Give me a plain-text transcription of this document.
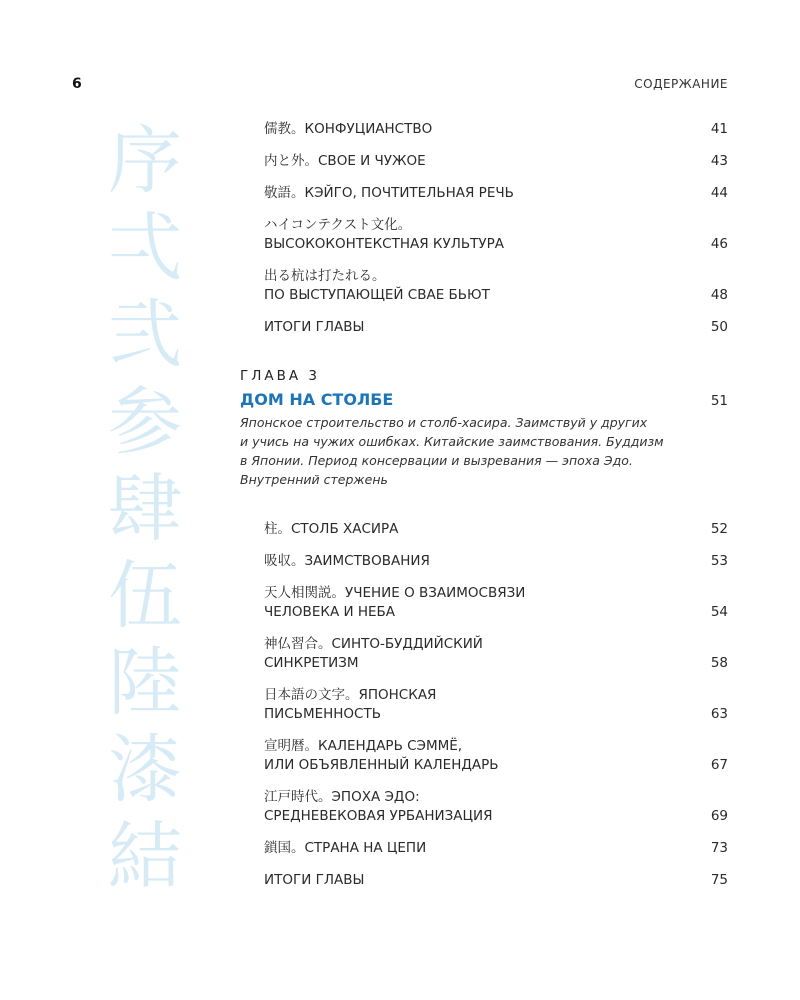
6	СОДЕРЖАНИЕ
序
弌
弐
参
肆
伍
陸
漆
結
儒教。КОНФУЦИАНСТВО	41
内と外。СВОЕ И ЧУЖОЕ	43
敬語。КЭЙГО, ПОЧТИТЕЛЬНАЯ РЕЧЬ	44
ハイコンテクスト文化。
ВЫСОКОКОНТЕКСТНАЯ КУЛЬТУРА	46
出る杭は打たれる。
ПО ВЫСТУПАЮЩЕЙ СВАЕ БЬЮТ	48
ИТОГИ ГЛАВЫ	50

ГЛАВА 3

ДОМ НА СТОЛБЕ	51

Японское строительство и столб-хасира. Заимствуй у других
и учись на чужих ошибках. Китайские заимствования. Буддизм
в Японии. Период консервации и вызревания — эпоха Эдо.
Внутренний стержень

柱。СТОЛБ ХАСИРА	52
吸収。ЗАИМСТВОВАНИЯ	53
天人相関説。УЧЕНИЕ О ВЗАИМОСВЯЗИ
ЧЕЛОВЕКА И НЕБА	54
神仏習合。СИНТО-БУДДИЙСКИЙ
СИНКРЕТИЗМ	58
日本語の文字。ЯПОНСКАЯ
ПИСЬМЕННОСТЬ	63
宣明暦。КАЛЕНДАРЬ СЭММЁ,
ИЛИ ОБЪЯВЛЕННЫЙ КАЛЕНДАРЬ	67
江戸時代。ЭПОХА ЭДО:
СРЕДНЕВЕКОВАЯ УРБАНИЗАЦИЯ	69
鎖国。СТРАНА НА ЦЕПИ	73
ИТОГИ ГЛАВЫ	75
